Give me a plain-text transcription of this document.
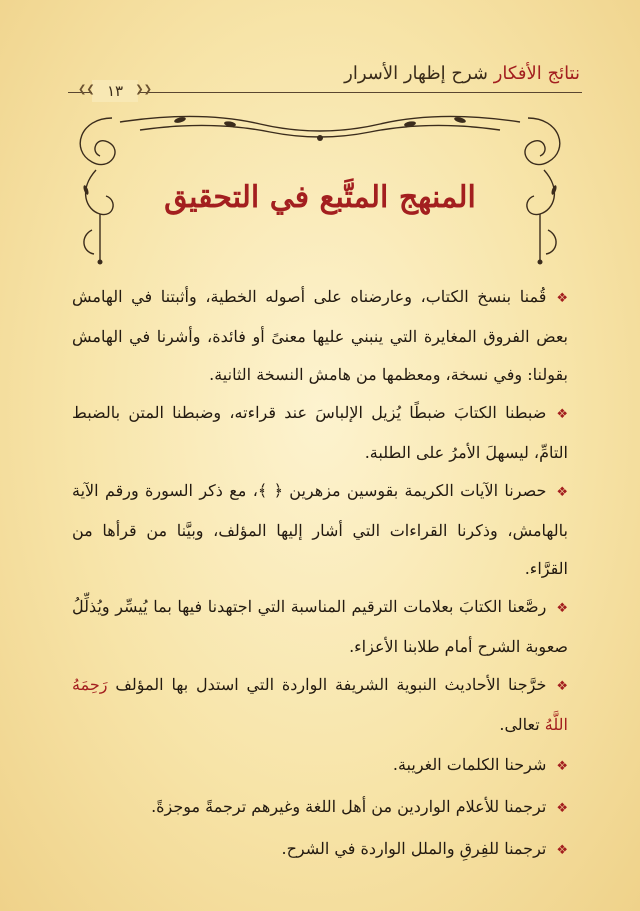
نتائج الأفكار شرح إظهار الأسرار
❮❮ ١٣ ❯❯
المنهج المتَّبع في التحقيق

❖قُمنا بنسخ الكتاب، وعارضناه على أصوله الخطية، وأثبتنا في الهامش بعض الفروق المغايرة التي ينبني عليها معنىً أو فائدة، وأشرنا في الهامش بقولنا: وفي نسخة، ومعظمها من هامش النسخة الثانية.

❖ضبطنا الكتابَ ضبطًا يُزيل الإلباسَ عند قراءته، وضبطنا المتن بالضبط التامِّ، ليسهلَ الأمرُ على الطلبة.

❖حصرنا الآيات الكريمة بقوسين مزهرين ﴿ ﴾، مع ذكر السورة ورقم الآية بالهامش، وذكرنا القراءات التي أشار إليها المؤلف، وبيَّنا من قرأها من القرَّاء.

❖رصَّعنا الكتابَ بعلامات الترقيم المناسبة التي اجتهدنا فيها بما يُيسِّر ويُذلِّلُ صعوبة الشرح أمام طلابنا الأعزاء.

❖خرَّجنا الأحاديث النبوية الشريفة الواردة التي استدل بها المؤلف رَحِمَهُ اللَّهُ تعالى.

❖شرحنا الكلمات الغريبة.

❖ترجمنا للأعلام الواردين من أهل اللغة وغيرهم ترجمةً موجزةً.

❖ترجمنا للفِرقِ والملل الواردة في الشرح.
